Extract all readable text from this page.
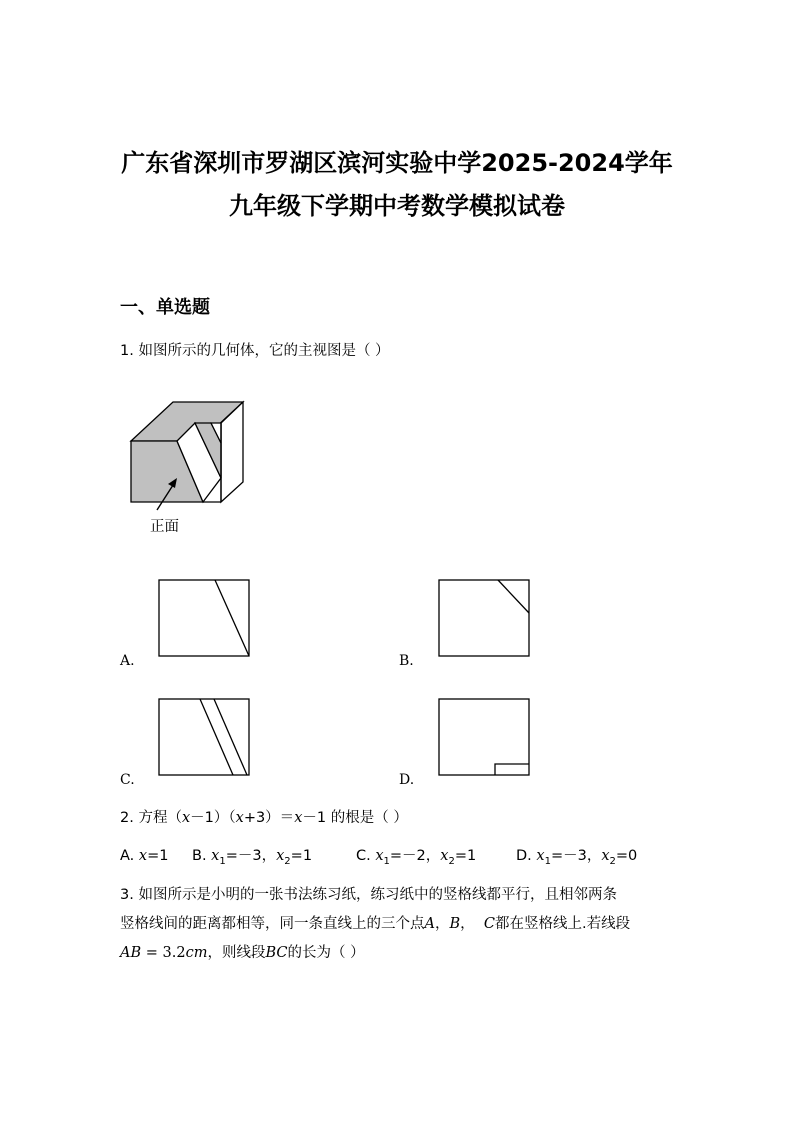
广东省深圳市罗湖区滨河实验中学2025-2024学年
九年级下学期中考数学模拟试卷
一、单选题
1. 如图所示的几何体，它的主视图是（ ）
正面
A.	B.
C.	D.
2. 方程（x－1）（x+3）＝x－1 的根是（ ）
A. x=1 B. $x_1=-3$，$x_2=1$	C. $x_1=-2$，$x_2=1$	D. $x_1=-3$，$x_2=0$
3. 如图所示是小明的一张书法练习纸，练习纸中的竖格线都平行，且相邻两条
竖格线间的距离都相等，同一条直线上的三个点A，B，  C都在竖格线上.若线段
AB = 3.2cm，则线段BC的长为（ ）
